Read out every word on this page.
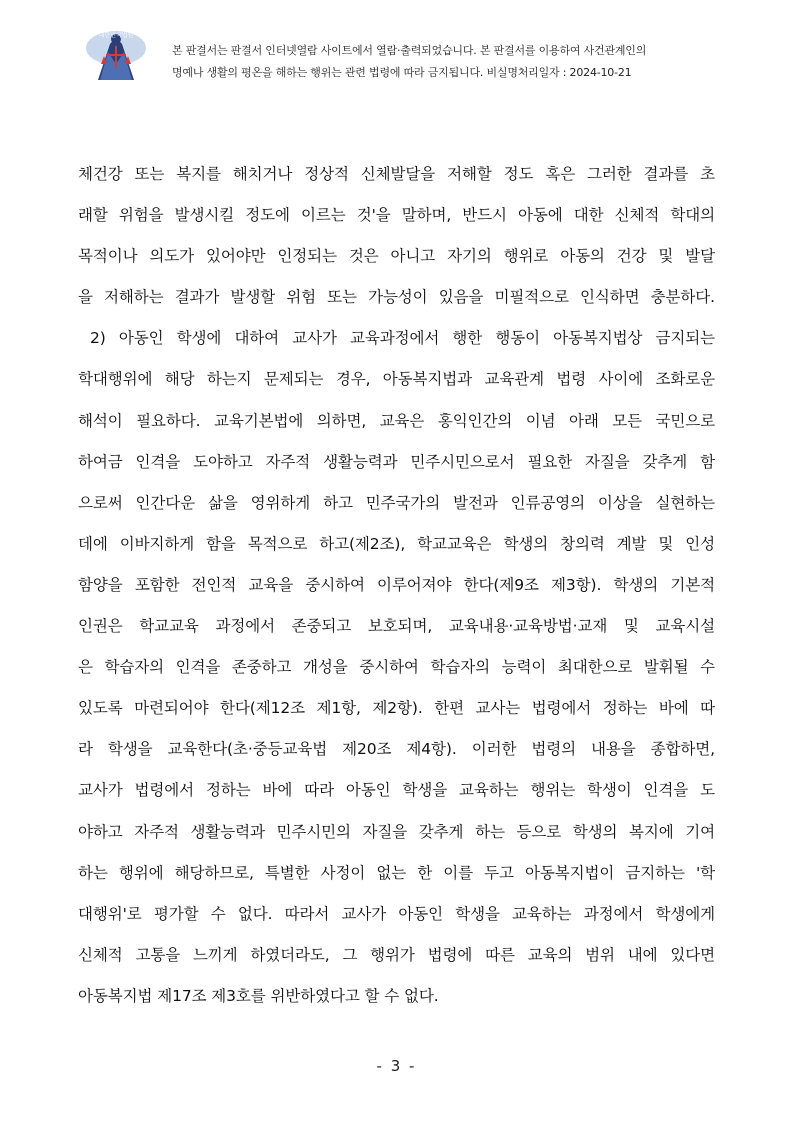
대한민국법원
본 판결서는 판결서 인터넷열람 사이트에서 열람·출력되었습니다. 본 판결서를 이용하여 사건관계인의
명예나 생활의 평온을 해하는 행위는 관련 법령에 따라 금지됩니다. 비실명처리일자 : 2024-10-21
체건강 또는 복지를 해치거나 정상적 신체발달을 저해할 정도 혹은 그러한 결과를 초
래할 위험을 발생시킬 정도에 이르는 것'을 말하며, 반드시 아동에 대한 신체적 학대의
목적이나 의도가 있어야만 인정되는 것은 아니고 자기의 행위로 아동의 건강 및 발달
을 저해하는 결과가 발생할 위험 또는 가능성이 있음을 미필적으로 인식하면 충분하다.
2) 아동인 학생에 대하여 교사가 교육과정에서 행한 행동이 아동복지법상 금지되는
학대행위에 해당 하는지 문제되는 경우, 아동복지법과 교육관계 법령 사이에 조화로운
해석이 필요하다. 교육기본법에 의하면, 교육은 홍익인간의 이념 아래 모든 국민으로
하여금 인격을 도야하고 자주적 생활능력과 민주시민으로서 필요한 자질을 갖추게 함
으로써 인간다운 삶을 영위하게 하고 민주국가의 발전과 인류공영의 이상을 실현하는
데에 이바지하게 함을 목적으로 하고(제2조), 학교교육은 학생의 창의력 계발 및 인성
함양을 포함한 전인적 교육을 중시하여 이루어져야 한다(제9조 제3항). 학생의 기본적
인권은 학교교육 과정에서 존중되고 보호되며, 교육내용·교육방법·교재 및 교육시설
은 학습자의 인격을 존중하고 개성을 중시하여 학습자의 능력이 최대한으로 발휘될 수
있도록 마련되어야 한다(제12조 제1항, 제2항). 한편 교사는 법령에서 정하는 바에 따
라 학생을 교육한다(초·중등교육법 제20조 제4항). 이러한 법령의 내용을 종합하면,
교사가 법령에서 정하는 바에 따라 아동인 학생을 교육하는 행위는 학생이 인격을 도
야하고 자주적 생활능력과 민주시민의 자질을 갖추게 하는 등으로 학생의 복지에 기여
하는 행위에 해당하므로, 특별한 사정이 없는 한 이를 두고 아동복지법이 금지하는 '학
대행위'로 평가할 수 없다. 따라서 교사가 아동인 학생을 교육하는 과정에서 학생에게
신체적 고통을 느끼게 하였더라도, 그 행위가 법령에 따른 교육의 범위 내에 있다면
아동복지법 제17조 제3호를 위반하였다고 할 수 없다.
- 3 -
